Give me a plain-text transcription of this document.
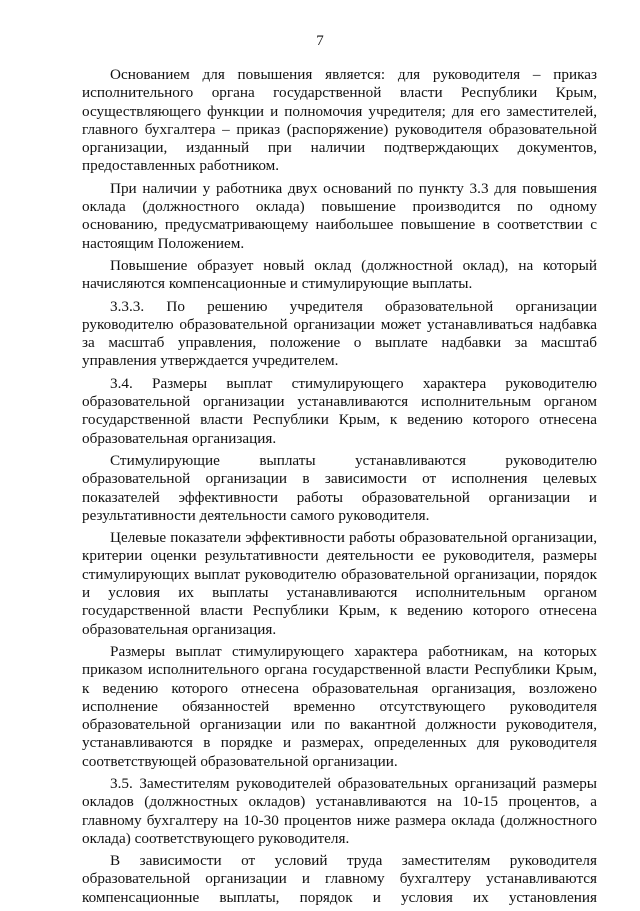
7

Основанием для повышения является: для руководителя – приказ исполнительного органа государственной власти Республики Крым, осуществляющего функции и полномочия учредителя; для его заместителей, главного бухгалтера – приказ (распоряжение) руководителя образовательной организации, изданный при наличии подтверждающих документов, предоставленных работником.

При наличии у работника двух оснований по пункту 3.3 для повышения оклада (должностного оклада) повышение производится по одному основанию, предусматривающему наибольшее повышение в соответствии с настоящим Положением.

Повышение образует новый оклад (должностной оклад), на который начисляются компенсационные и стимулирующие выплаты.

3.3.3. По решению учредителя образовательной организации руководителю образовательной организации может устанавливаться надбавка за масштаб управления, положение о выплате надбавки за масштаб управления утверждается учредителем.

3.4. Размеры выплат стимулирующего характера руководителю образовательной организации устанавливаются исполнительным органом государственной власти Республики Крым, к ведению которого отнесена образовательная организация.

Стимулирующие выплаты устанавливаются руководителю образовательной организации в зависимости от исполнения целевых показателей эффективности работы образовательной организации и результативности деятельности самого руководителя.

Целевые показатели эффективности работы образовательной организации, критерии оценки результативности деятельности ее руководителя, размеры стимулирующих выплат руководителю образовательной организации, порядок и условия их выплаты устанавливаются исполнительным органом государственной власти Республики Крым, к ведению которого отнесена образовательная организация.

Размеры выплат стимулирующего характера работникам, на которых приказом исполнительного органа государственной власти Республики Крым, к ведению которого отнесена образовательная организация, возложено исполнение обязанностей временно отсутствующего руководителя образовательной организации или по вакантной должности руководителя, устанавливаются в порядке и размерах, определенных для руководителя соответствующей образовательной организации.

3.5. Заместителям руководителей образовательных организаций размеры окладов (должностных окладов) устанавливаются на 10-15 процентов, а главному бухгалтеру на 10-30 процентов ниже размера оклада (должностного оклада) соответствующего руководителя.

В зависимости от условий труда заместителям руководителя образовательной организации и главному бухгалтеру устанавливаются компенсационные выплаты, порядок и условия их установления
